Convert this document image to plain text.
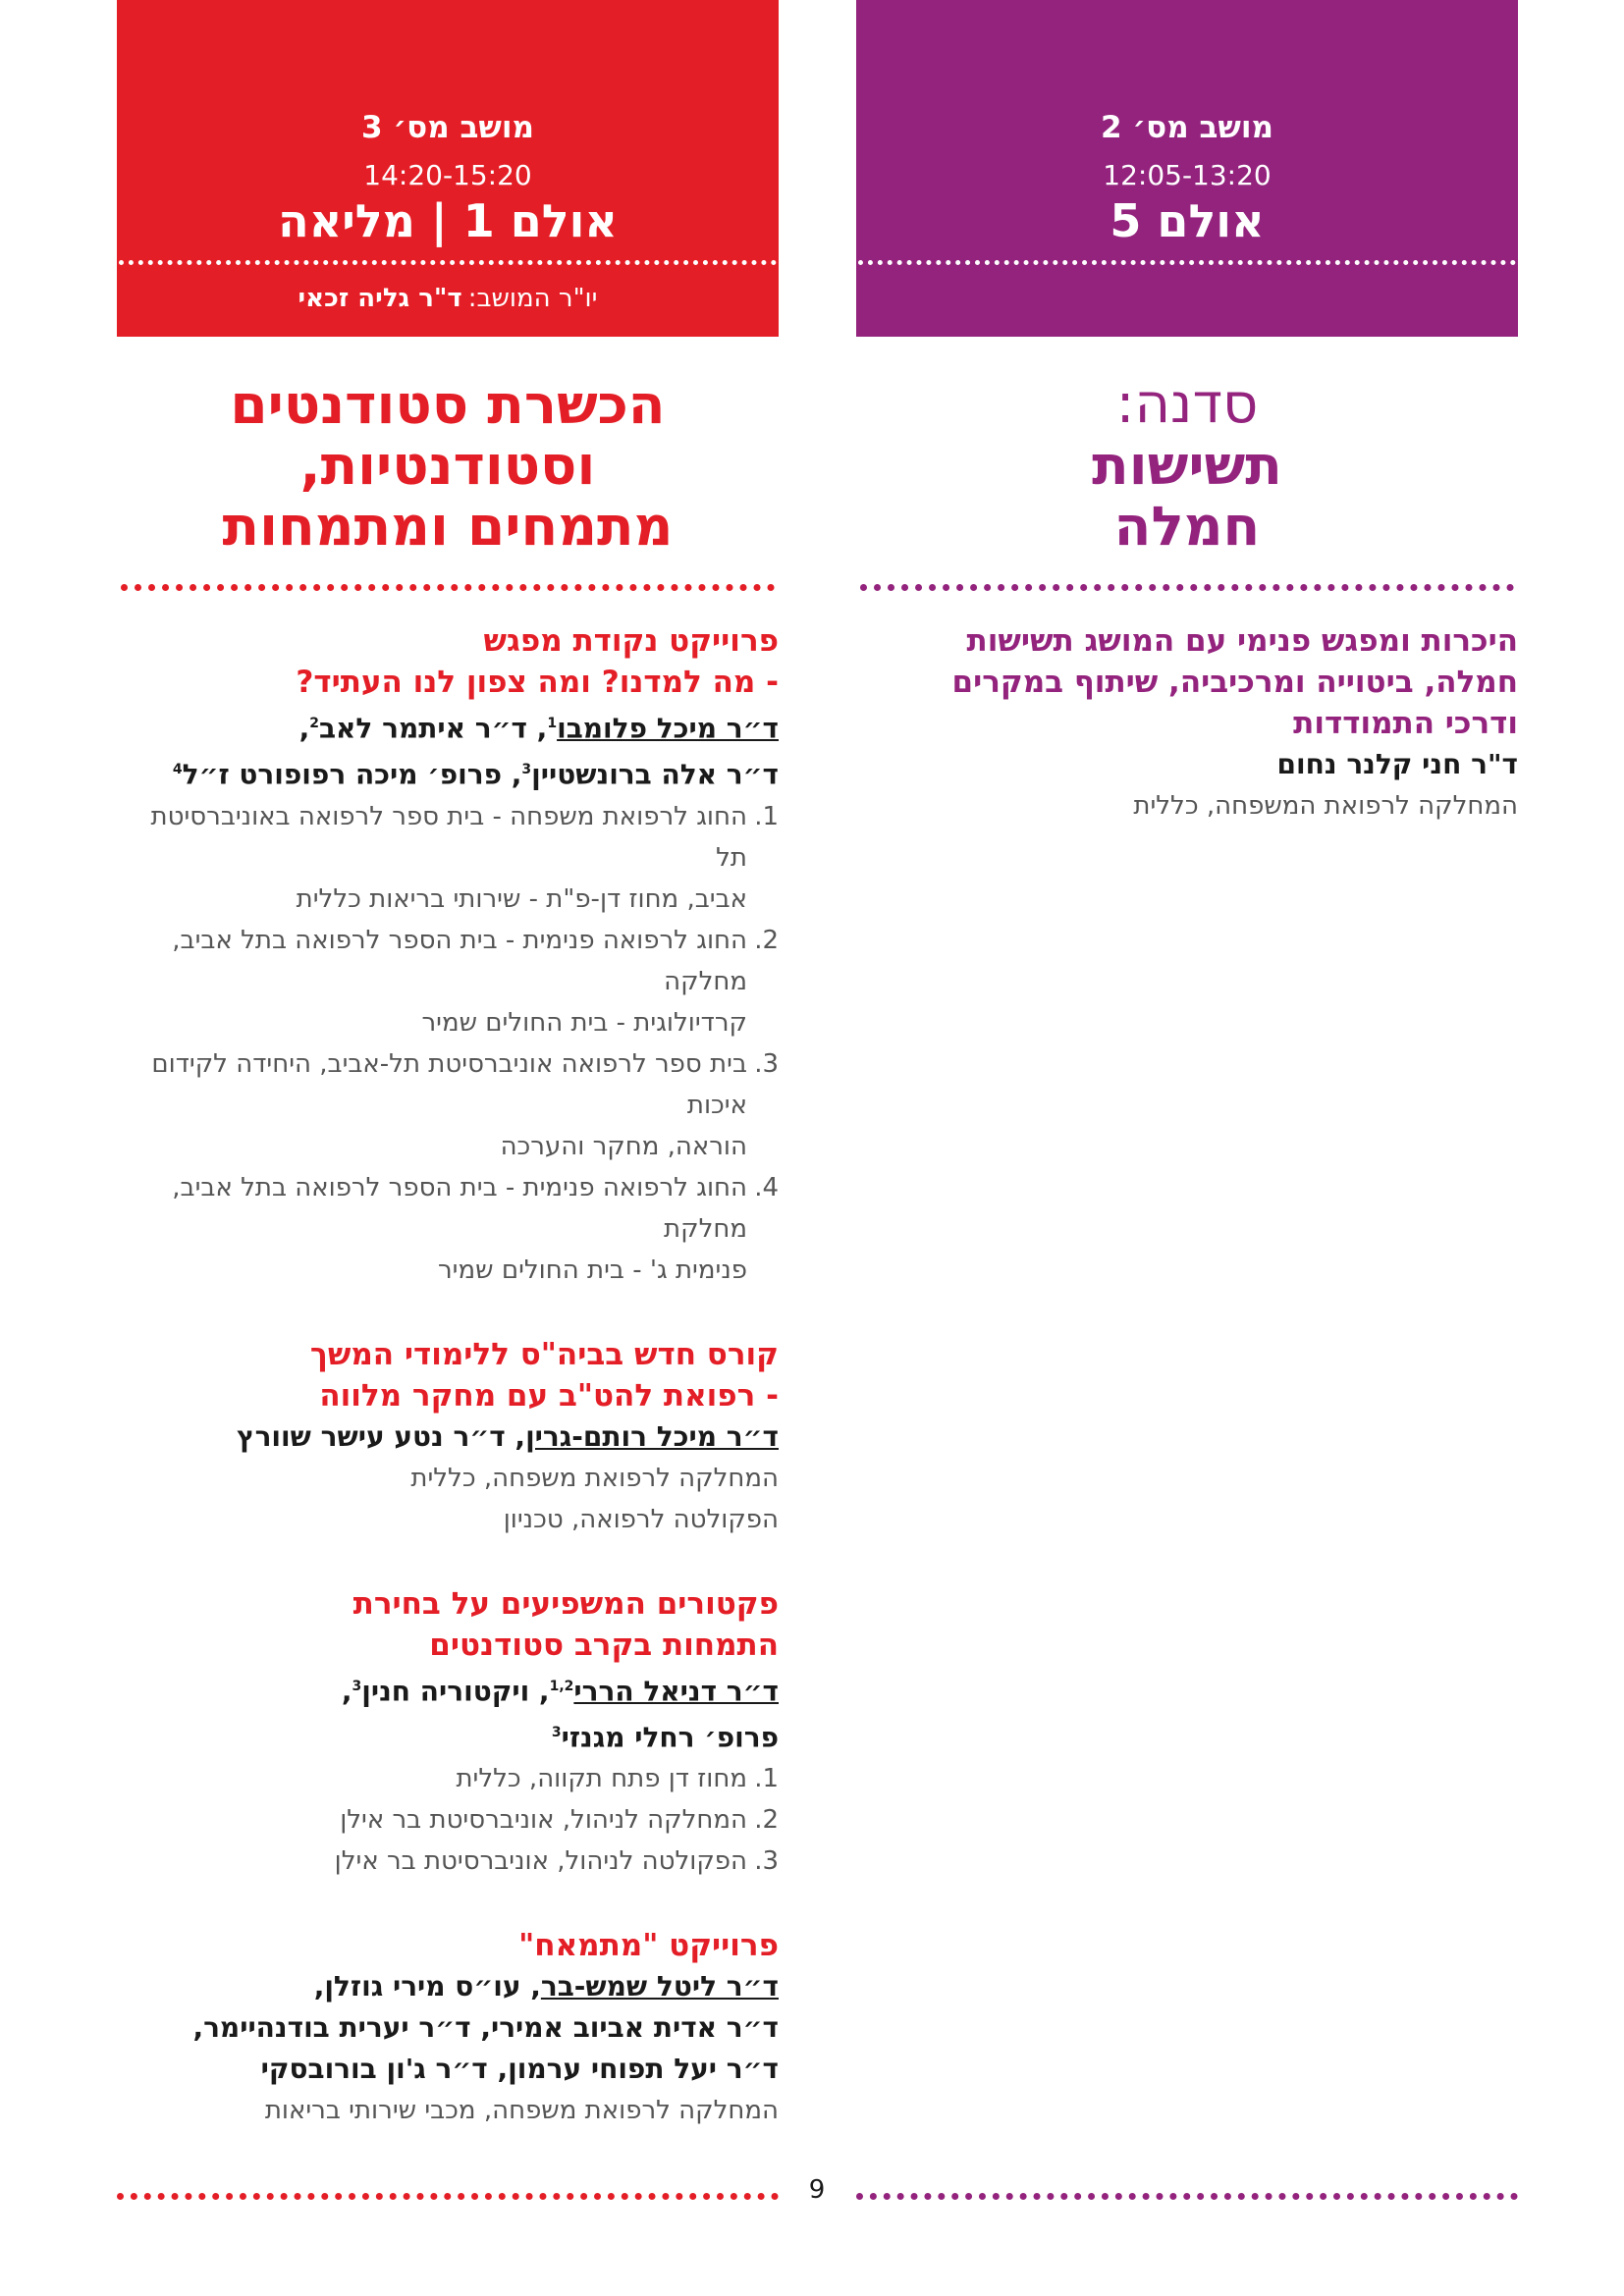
מושב מס׳ 2
12:05-13:20
אולם 5
סדנה:
תשישות
חמלה
היכרות ומפגש פנימי עם המושג תשישות
חמלה, ביטוייה ומרכיביה, שיתוף במקרים
ודרכי התמודדות
ד"ר חני קלנר נחום
המחלקה לרפואת המשפחה, כללית
מושב מס׳ 3
14:20-15:20
אולם 1 | מליאה
יו"ר המושב:ד"ר גליה זכאי
הכשרת סטודנטים
וסטודנטיות,
מתמחים ומתמחות
פרוייקט נקודת מפגש
- מה למדנו? ומה צפון לנו העתיד?
ד״ר מיכל פלומבו$^1$, ד״ר איתמר לאב$^2$,
ד״ר אלה ברונשטיין$^3$, פרופ׳ מיכה רפופורט ז״ל$^4$
1.
החוג לרפואת משפחה - בית ספר לרפואה באוניברסיטת תל
אביב, מחוז דן-פ"ת - שירותי בריאות כללית
2.
החוג לרפואה פנימית - בית הספר לרפואה בתל אביב, מחלקה
קרדיולוגית - בית החולים שמיר
3.
בית ספר לרפואה אוניברסיטת תל-אביב, היחידה לקידום איכות
הוראה, מחקר והערכה
4.
החוג לרפואה פנימית - בית הספר לרפואה בתל אביב, מחלקת
פנימית ג' - בית החולים שמיר
קורס חדש בביה"ס ללימודי המשך
- רפואת להט"ב עם מחקר מלווה
ד״ר מיכל רותם-גרין, ד״ר נטע עישר שוורץ
המחלקה לרפואת משפחה, כללית
הפקולטה לרפואה, טכניון
פקטורים המשפיעים על בחירת
התמחות בקרב סטודנטים
ד״ר דניאל הררי$^{1,2}$, ויקטוריה חנין$^3$,
פרופ׳ רחלי מגנזי$^3$
1.
מחוז דן פתח תקווה, כללית
2.
המחלקה לניהול, אוניברסיטת בר אילן
3.
הפקולטה לניהול, אוניברסיטת בר אילן
פרוייקט "מתמאח"
ד״ר ליטל שמש-בר, עו״ס מירי גוזלן,
ד״ר אדית אביוב אמירי, ד״ר יערית בודנהיימר,
ד״ר יעל תפוחי ערמון, ד״ר ג'ון בורובסקי
המחלקה לרפואת משפחה, מכבי שירותי בריאות
9
